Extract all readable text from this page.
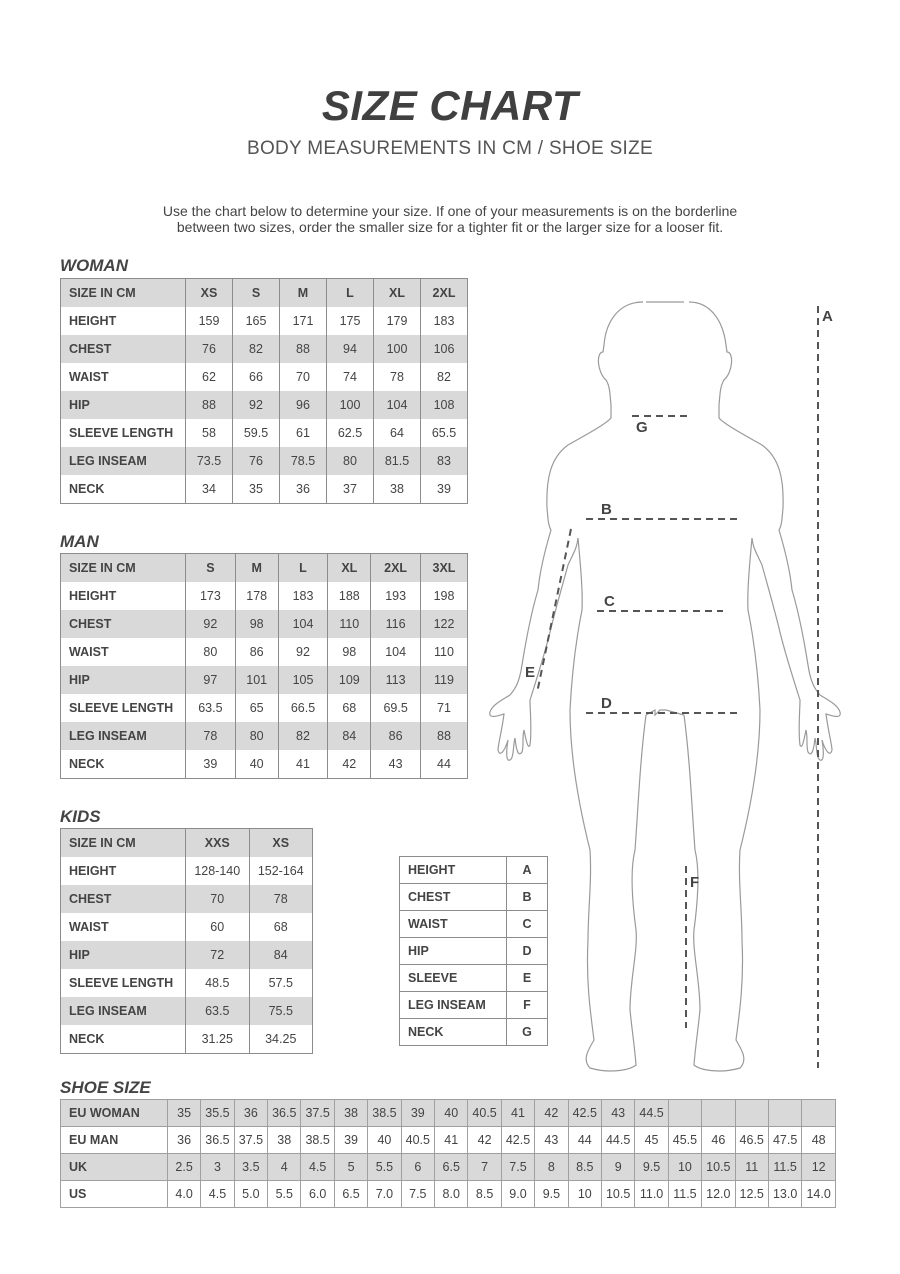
SIZE CHART
BODY MEASUREMENTS IN CM / SHOE SIZE
Use the chart below to determine your size. If one of your measurements is on the borderline
between two sizes, order the smaller size for a tighter fit or the larger size for a looser fit.
WOMAN
SIZE IN CM	XS	S	M	L	XL	2XL
HEIGHT	159	165	171	175	179	183
CHEST	76	82	88	94	100	106
WAIST	62	66	70	74	78	82
HIP	88	92	96	100	104	108
SLEEVE LENGTH	58	59.5	61	62.5	64	65.5
LEG INSEAM	73.5	76	78.5	80	81.5	83
NECK	34	35	36	37	38	39
MAN
SIZE IN CM	S	M	L	XL	2XL	3XL
HEIGHT	173	178	183	188	193	198
CHEST	92	98	104	110	116	122
WAIST	80	86	92	98	104	110
HIP	97	101	105	109	113	119
SLEEVE LENGTH	63.5	65	66.5	68	69.5	71
LEG INSEAM	78	80	82	84	86	88
NECK	39	40	41	42	43	44
KIDS
SIZE IN CM	XXS	XS
HEIGHT	128-140	152-164
CHEST	70	78
WAIST	60	68
HIP	72	84
SLEEVE LENGTH	48.5	57.5
LEG INSEAM	63.5	75.5
NECK	31.25	34.25
HEIGHT	A
CHEST	B
WAIST	C
HIP	D
SLEEVE	E
LEG INSEAM	F
NECK	G
SHOE SIZE
EU WOMAN	35	35.5	36	36.5	37.5	38	38.5	39	40	40.5	41	42	42.5	43	44.5					
EU MAN	36	36.5	37.5	38	38.5	39	40	40.5	41	42	42.5	43	44	44.5	45	45.5	46	46.5	47.5	48
UK	2.5	3	3.5	4	4.5	5	5.5	6	6.5	7	7.5	8	8.5	9	9.5	10	10.5	11	11.5	12
US	4.0	4.5	5.0	5.5	6.0	6.5	7.0	7.5	8.0	8.5	9.0	9.5	10	10.5	11.0	11.5	12.0	12.5	13.0	14.0
A
B
C
D
E
F
G
